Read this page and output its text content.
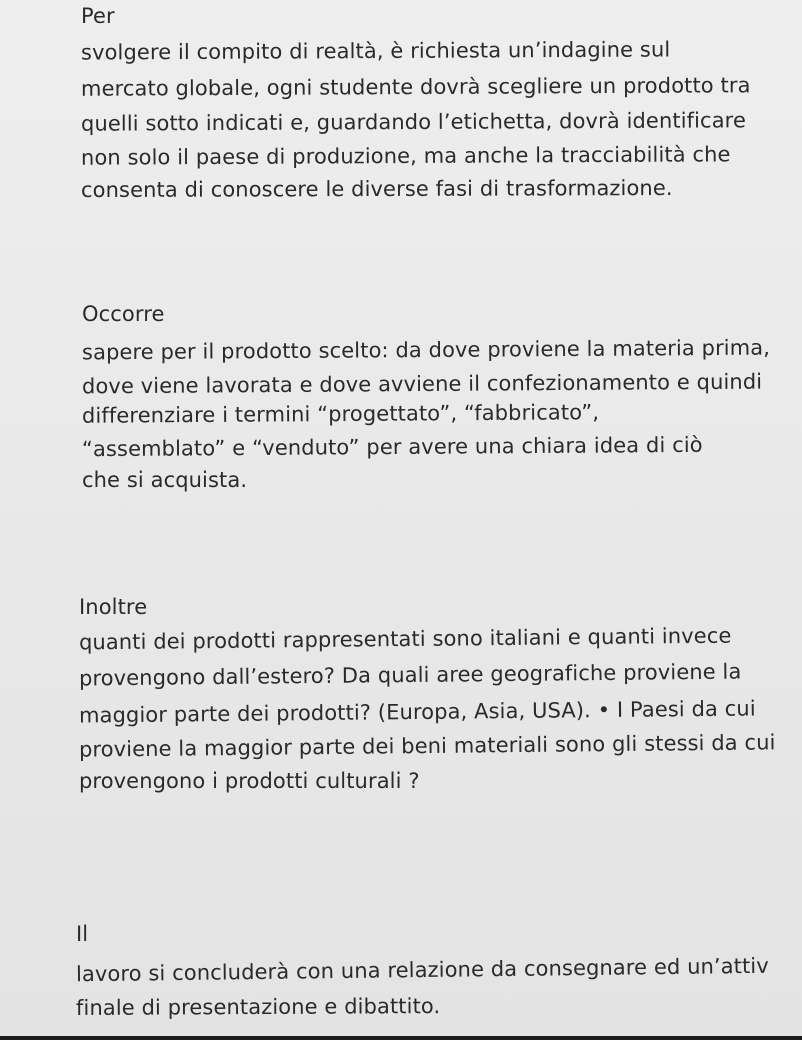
Per
svolgere il compito di realtà, è richiesta un’indagine sul
mercato globale, ogni studente dovrà scegliere un prodotto tra
quelli sotto indicati e, guardando l’etichetta, dovrà identificare
non solo il paese di produzione, ma anche la tracciabilità che
consenta di conoscere le diverse fasi di trasformazione.
Occorre
sapere per il prodotto scelto: da dove proviene la materia prima,
dove viene lavorata e dove avviene il confezionamento e quindi
differenziare i termini “progettato”, “fabbricato”,
“assemblato” e “venduto” per avere una chiara idea di ciò
che si acquista.
Inoltre
quanti dei prodotti rappresentati sono italiani e quanti invece
provengono dall’estero? Da quali aree geografiche proviene la
maggior parte dei prodotti? (Europa, Asia, USA). • I Paesi da cui
proviene la maggior parte dei beni materiali sono gli stessi da cui
provengono i prodotti culturali ?
Il
lavoro si concluderà con una relazione da consegnare ed un’attiv
finale di presentazione e dibattito.
